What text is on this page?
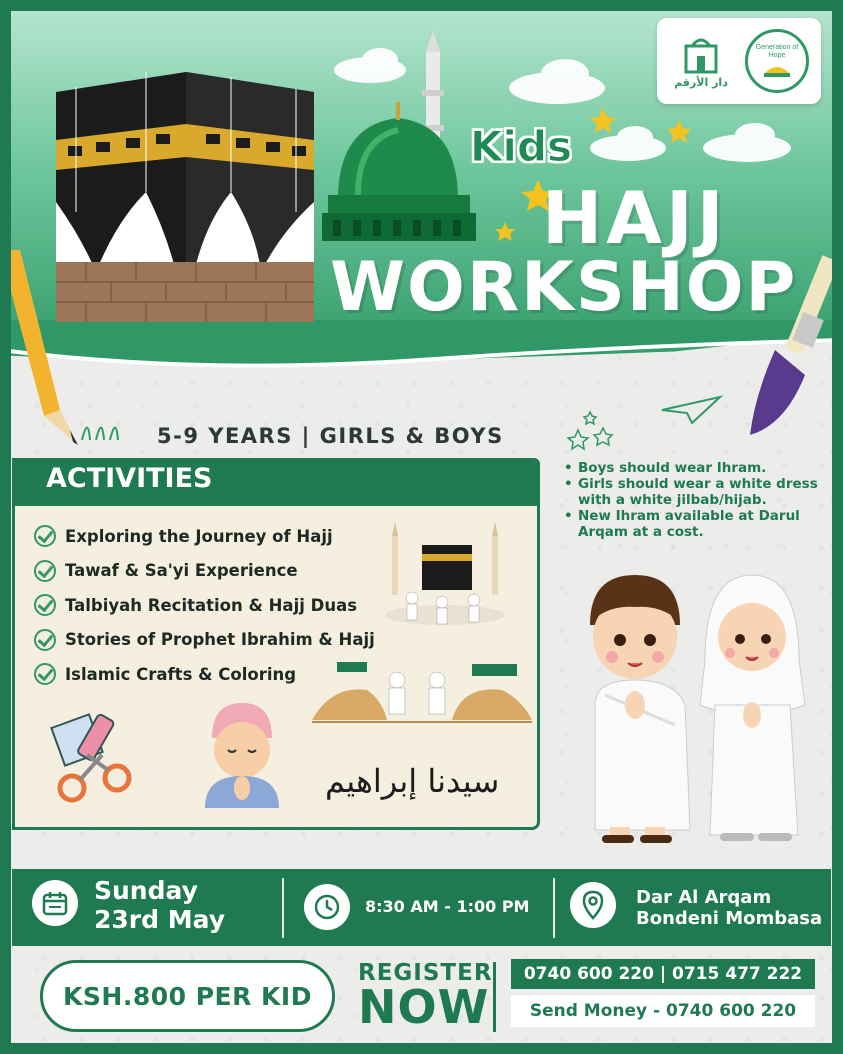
دار الأرقم
Generation of Hope
Kids
HAJJ
WORKSHOP
5-9 YEARS | GIRLS & BOYS
ACTIVITIES
Exploring the Journey of Hajj
Tawaf & Sa'yi Experience
Talbiyah Recitation & Hajj Duas
Stories of Prophet Ibrahim & Hajj
Islamic Crafts & Coloring
سيدنا إبراهيم
• Boys should wear Ihram.
• Girls should wear a white dress with a white jilbab/hijab.
• New Ihram available at Darul Arqam at a cost.
Sunday
23rd May	8:30 AM - 1:00 PM	Dar Al Arqam
Bondeni Mombasa
KSH.800 PER KID
REGISTER
NOW
0740 600 220 | 0715 477 222
Send Money - 0740 600 220
